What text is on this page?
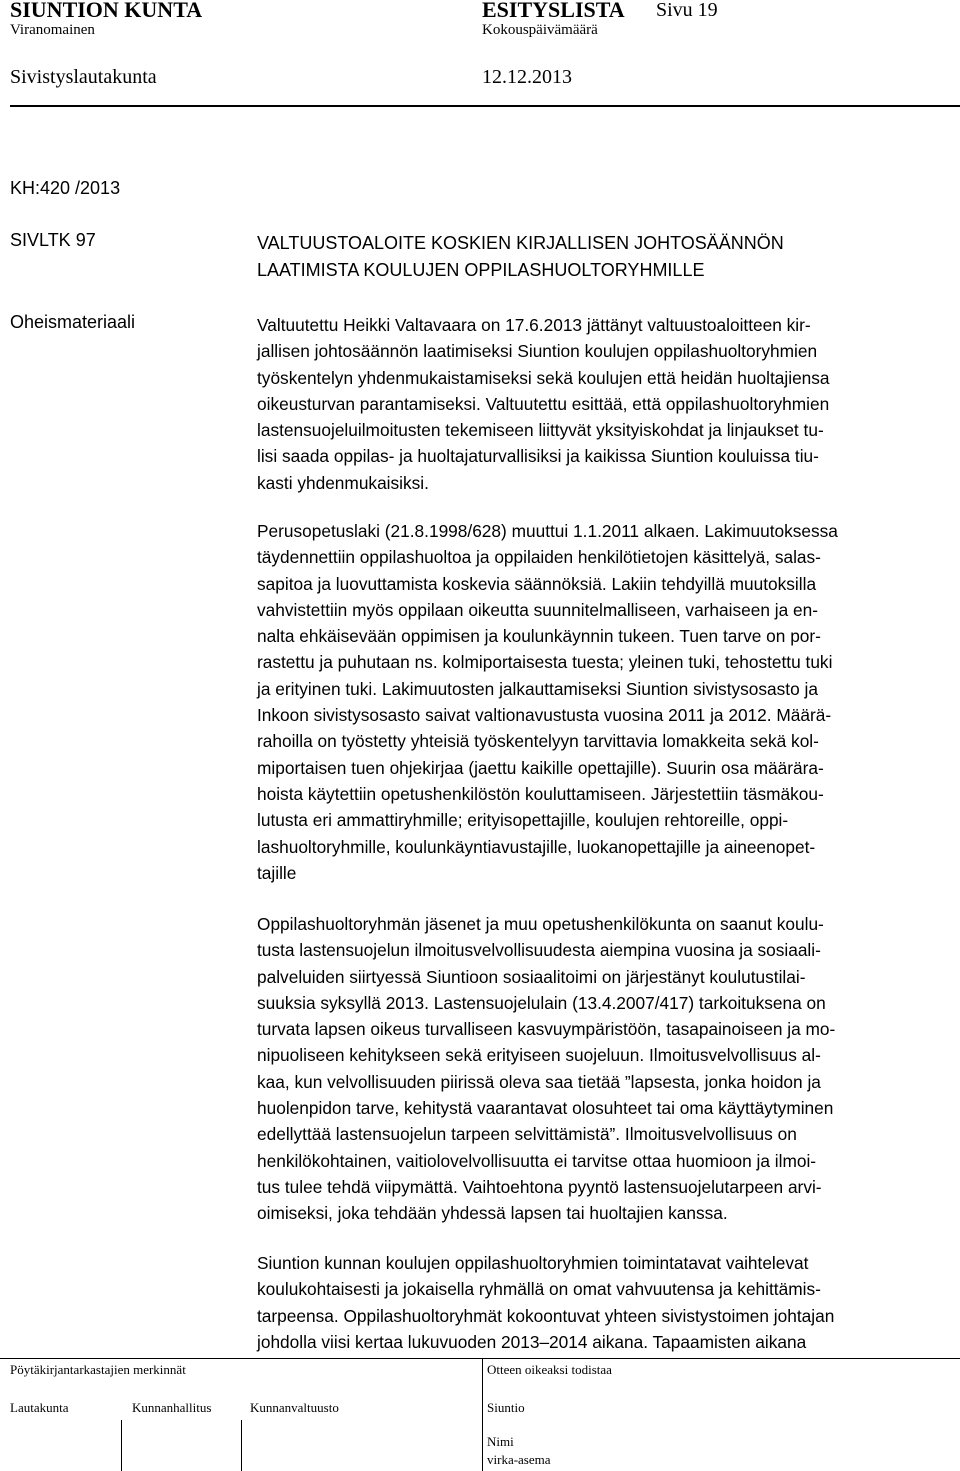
SIUNTION KUNTA	ESITYSLISTA Sivu 19
Viranomainen	Kokouspäivämäärä
Sivistyslautakunta	12.12.2013
KH:420 /2013
SIVLTK 97	VALTUUSTOALOITE KOSKIEN KIRJALLISEN JOHTOSÄÄNNÖN
LAATIMISTA KOULUJEN OPPILASHUOLTORYHMILLE
Oheismateriaali	Valtuutettu Heikki Valtavaara on 17.6.2013 jättänyt valtuustoaloitteen kir-
jallisen johtosäännön laatimiseksi Siuntion koulujen oppilashuoltoryhmien
työskentelyn yhdenmukaistamiseksi sekä koulujen että heidän huoltajiensa
oikeusturvan parantamiseksi. Valtuutettu esittää, että oppilashuoltoryhmien
lastensuojeluilmoitusten tekemiseen liittyvät yksityiskohdat ja linjaukset tu-
lisi saada oppilas- ja huoltajaturvallisiksi ja kaikissa Siuntion kouluissa tiu-
kasti yhdenmukaisiksi.
Perusopetuslaki (21.8.1998/628) muuttui 1.1.2011 alkaen. Lakimuutoksessa
täydennettiin oppilashuoltoa ja oppilaiden henkilötietojen käsittelyä, salas-
sapitoa ja luovuttamista koskevia säännöksiä. Lakiin tehdyillä muutoksilla
vahvistettiin myös oppilaan oikeutta suunnitelmalliseen, varhaiseen ja en-
nalta ehkäisevään oppimisen ja koulunkäynnin tukeen. Tuen tarve on por-
rastettu ja puhutaan ns. kolmiportaisesta tuesta; yleinen tuki, tehostettu tuki
ja erityinen tuki. Lakimuutosten jalkauttamiseksi Siuntion sivistysosasto ja
Inkoon sivistysosasto saivat valtionavustusta vuosina 2011 ja 2012. Määrä-
rahoilla on työstetty yhteisiä työskentelyyn tarvittavia lomakkeita sekä kol-
miportaisen tuen ohjekirjaa (jaettu kaikille opettajille). Suurin osa määrära-
hoista käytettiin opetushenkilöstön kouluttamiseen. Järjestettiin täsmäkou-
lutusta eri ammattiryhmille; erityisopettajille, koulujen rehtoreille, oppi-
lashuoltoryhmille, koulunkäyntiavustajille, luokanopettajille ja aineenopet-
tajille
Oppilashuoltoryhmän jäsenet ja muu opetushenkilökunta on saanut koulu-
tusta lastensuojelun ilmoitusvelvollisuudesta aiempina vuosina ja sosiaali-
palveluiden siirtyessä Siuntioon sosiaalitoimi on järjestänyt koulutustilai-
suuksia syksyllä 2013. Lastensuojelulain (13.4.2007/417) tarkoituksena on
turvata lapsen oikeus turvalliseen kasvuympäristöön, tasapainoiseen ja mo-
nipuoliseen kehitykseen sekä erityiseen suojeluun. Ilmoitusvelvollisuus al-
kaa, kun velvollisuuden piirissä oleva saa tietää ”lapsesta, jonka hoidon ja
huolenpidon tarve, kehitystä vaarantavat olosuhteet tai oma käyttäytyminen
edellyttää lastensuojelun tarpeen selvittämistä”. Ilmoitusvelvollisuus on
henkilökohtainen, vaitiolovelvollisuutta ei tarvitse ottaa huomioon ja ilmoi-
tus tulee tehdä viipymättä. Vaihtoehtona pyyntö lastensuojelutarpeen arvi-
oimiseksi, joka tehdään yhdessä lapsen tai huoltajien kanssa.
Siuntion kunnan koulujen oppilashuoltoryhmien toimintatavat vaihtelevat
koulukohtaisesti ja jokaisella ryhmällä on omat vahvuutensa ja kehittämis-
tarpeensa. Oppilashuoltoryhmät kokoontuvat yhteen sivistystoimen johtajan
johdolla viisi kertaa lukuvuoden 2013–2014 aikana. Tapaamisten aikana
Pöytäkirjantarkastajien merkinnät	Otteen oikeaksi todistaa
Lautakunta	Kunnanhallitus	Kunnanvaltuusto	Siuntio
Nimi
virka-asema
